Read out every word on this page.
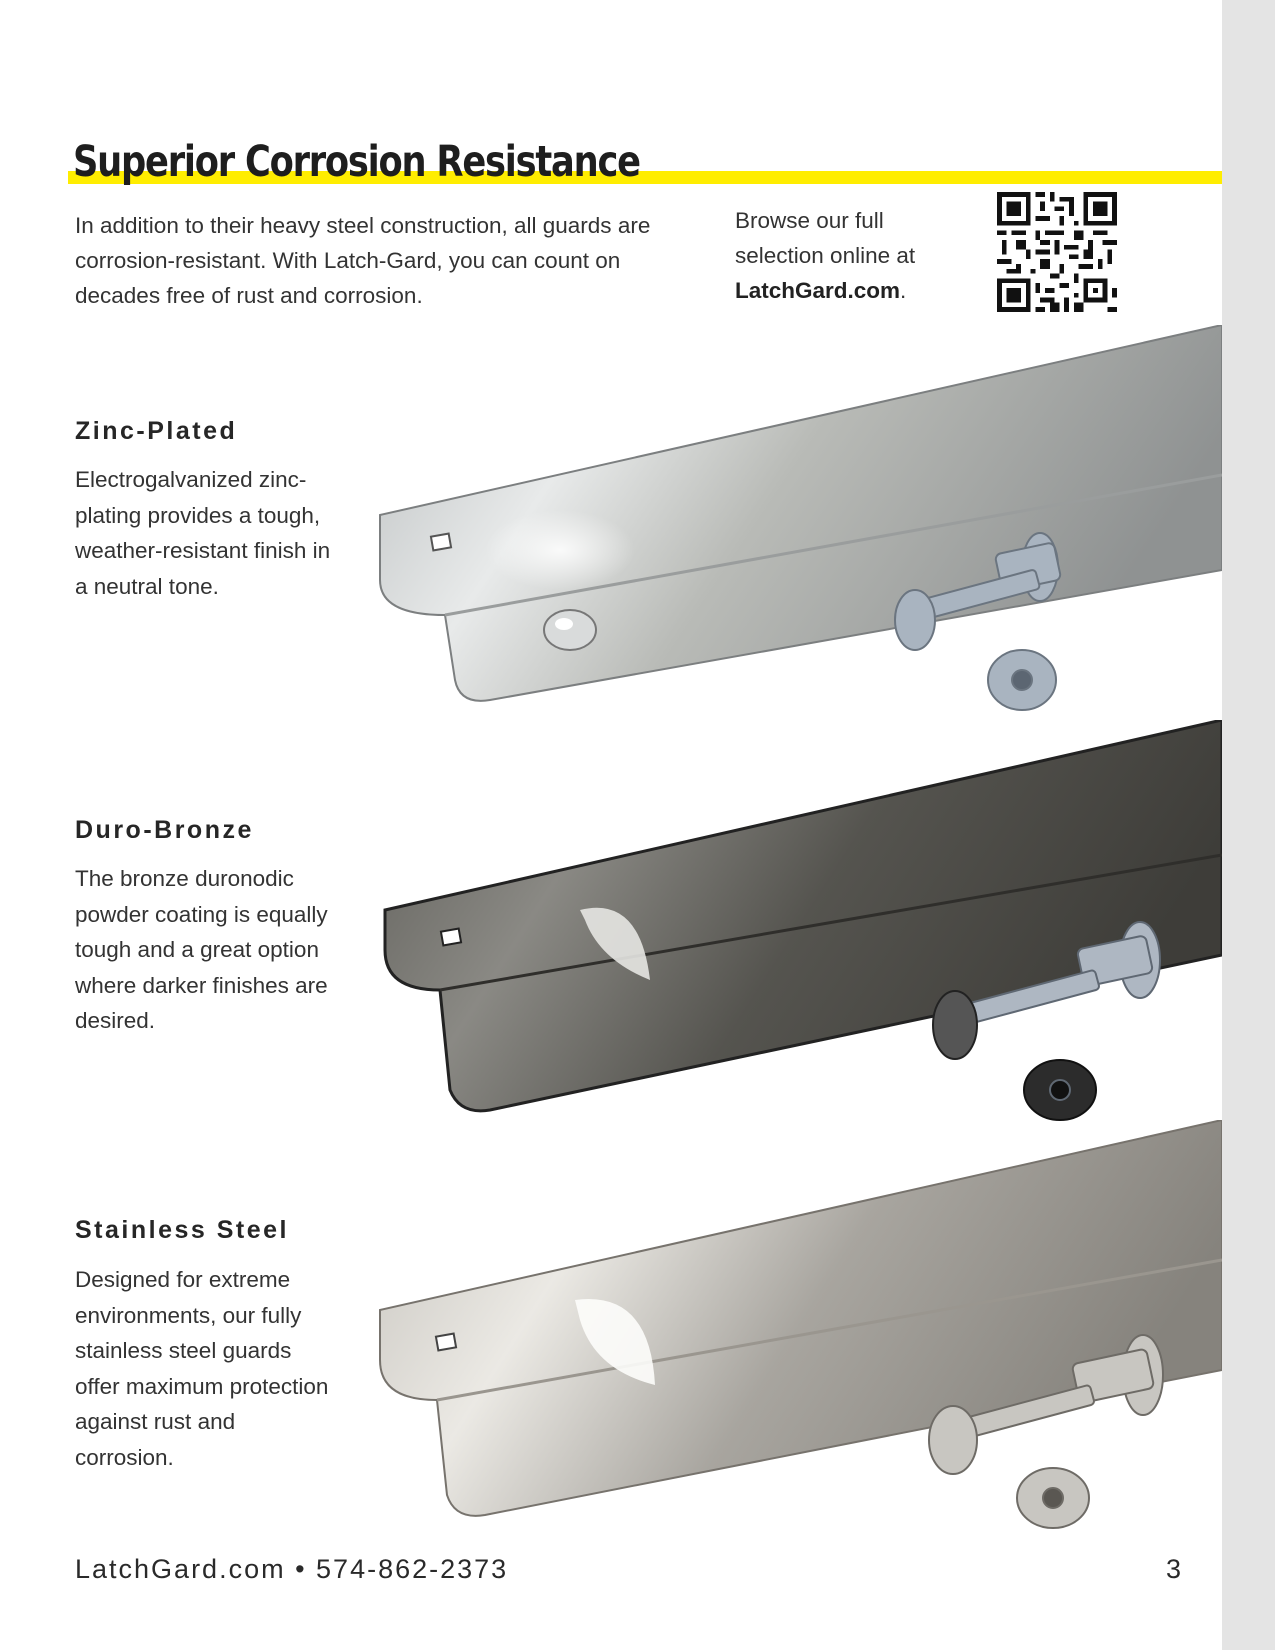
Superior Corrosion Resistance

In addition to their heavy steel construction, all guards are corrosion-resistant. With Latch-Gard, you can count on decades free of rust and corrosion.

Browse our full selection online at LatchGard.com.

Zinc-Plated

Electrogalvanized zinc-plating provides a tough, weather-resistant finish in a neutral tone.

Duro-Bronze

The bronze duronodic powder coating is equally tough and a great option where darker finishes are desired.

Stainless Steel

Designed for extreme environments, our fully stainless steel guards offer maximum protection against rust and corrosion.

LatchGard.com • 574-862-2373	3
